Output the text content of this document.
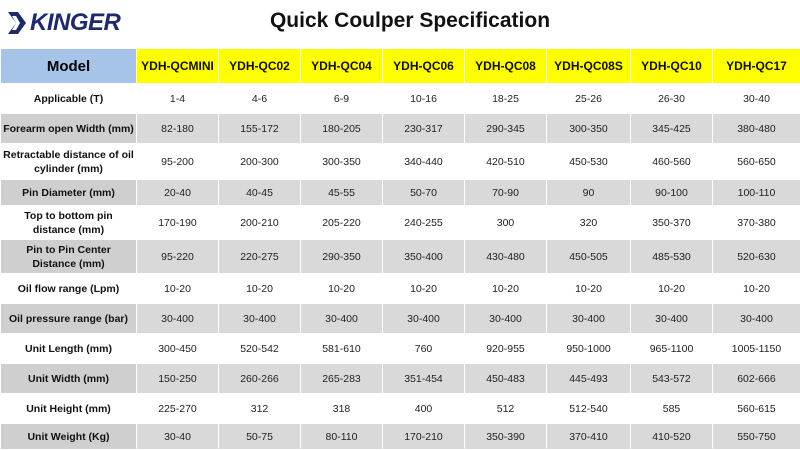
KINGER	Quick Coulper Specification
Model	YDH-QCMINI	YDH-QC02	YDH-QC04	YDH-QC06	YDH-QC08	YDH-QC08S	YDH-QC10	YDH-QC17
Applicable (T)	1-4	4-6	6-9	10-16	18-25	25-26	26-30	30-40
Forearm open Width (mm)	82-180	155-172	180-205	230-317	290-345	300-350	345-425	380-480
Retractable distance of oil cylinder (mm)	95-200	200-300	300-350	340-440	420-510	450-530	460-560	560-650
Pin Diameter (mm)	20-40	40-45	45-55	50-70	70-90	90	90-100	100-110
Top to bottom pin distance (mm)	170-190	200-210	205-220	240-255	300	320	350-370	370-380
Pin to Pin Center Distance (mm)	95-220	220-275	290-350	350-400	430-480	450-505	485-530	520-630
Oil flow range (Lpm)	10-20	10-20	10-20	10-20	10-20	10-20	10-20	10-20
Oil pressure range (bar)	30-400	30-400	30-400	30-400	30-400	30-400	30-400	30-400
Unit Length (mm)	300-450	520-542	581-610	760	920-955	950-1000	965-1100	1005-1150
Unit Width (mm)	150-250	260-266	265-283	351-454	450-483	445-493	543-572	602-666
Unit Height (mm)	225-270	312	318	400	512	512-540	585	560-615
Unit Weight (Kg)	30-40	50-75	80-110	170-210	350-390	370-410	410-520	550-750
